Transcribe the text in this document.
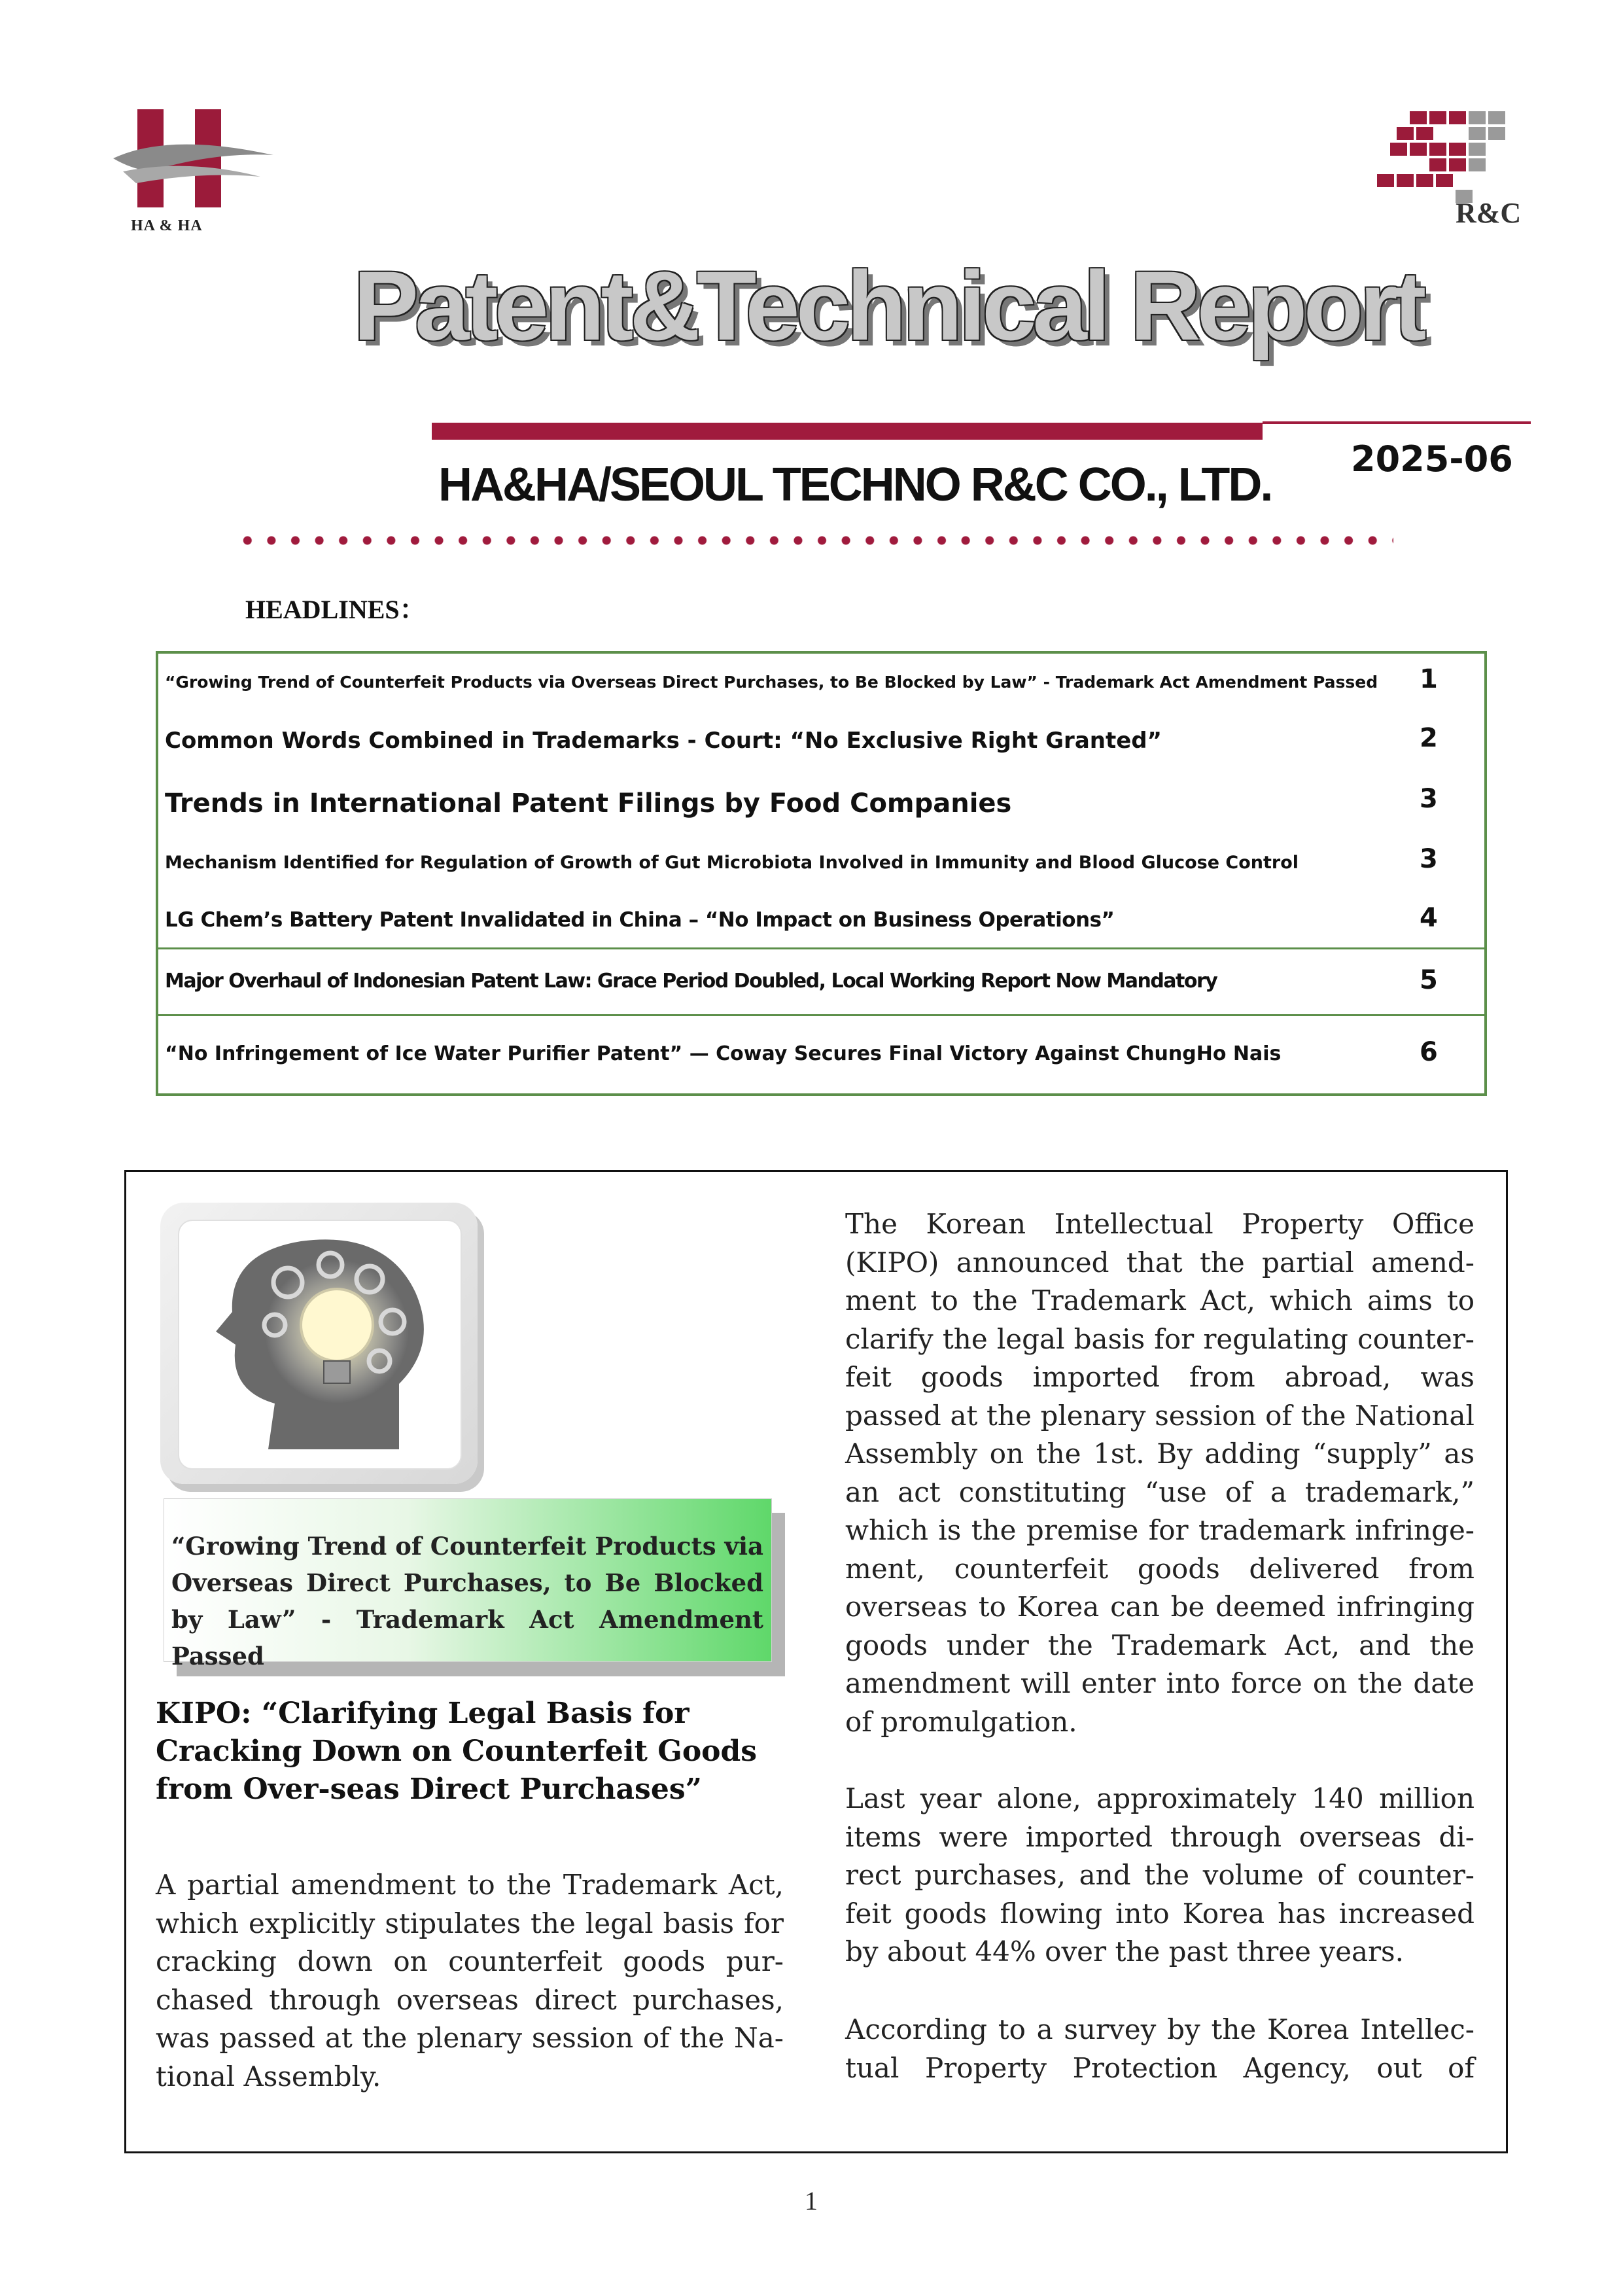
HA & HA	R&C
Patent&Technical Report
HA&HA/SEOUL TECHNO R&C CO., LTD. 2025-06
HEADLINES：
“Growing Trend of Counterfeit Products via Overseas Direct Purchases, to Be Blocked by Law” - Trademark Act Amendment Passed 1
Common Words Combined in Trademarks - Court: “No Exclusive Right Granted”	2
Trends in International Patent Filings by Food Companies	3
Mechanism Identified for Regulation of Growth of Gut Microbiota Involved in Immunity and Blood Glucose Control	3
LG Chem’s Battery Patent Invalidated in China – “No Impact on Business Operations”	4
Major Overhaul of Indonesian Patent Law: Grace Period Doubled, Local Working Report Now Mandatory	5
“No Infringement of Ice Water Purifier Patent” — Coway Secures Final Victory Against ChungHo Nais	6
“Growing Trend of Counterfeit Products via Overseas Direct Purchases, to Be Blocked by Law” - Trademark Act Amendment Passed
KIPO: “Clarifying Legal Basis for Cracking Down on Counterfeit Goods from Over-seas Direct Purchases”
A partial amendment to the Trademark Act, which explicitly stipulates the legal basis for cracking down on counterfeit goods pur-chased through overseas direct purchases, was passed at the plenary session of the Na-tional Assembly.
The Korean Intellectual Property Office (KIPO) announced that the partial amend-ment to the Trademark Act, which aims to clarify the legal basis for regulating counter-feit goods imported from abroad, was passed at the plenary session of the National Assembly on the 1st. By adding “supply” as an act constituting “use of a trademark,” which is the premise for trademark infringe-ment, counterfeit goods delivered from overseas to Korea can be deemed infringing goods under the Trademark Act, and the amendment will enter into force on the date of promulgation.
Last year alone, approximately 140 million items were imported through overseas di-rect purchases, and the volume of counter-feit goods flowing into Korea has increased by about 44% over the past three years.
According to a survey by the Korea Intellec-tual Property Protection Agency, out of
1
